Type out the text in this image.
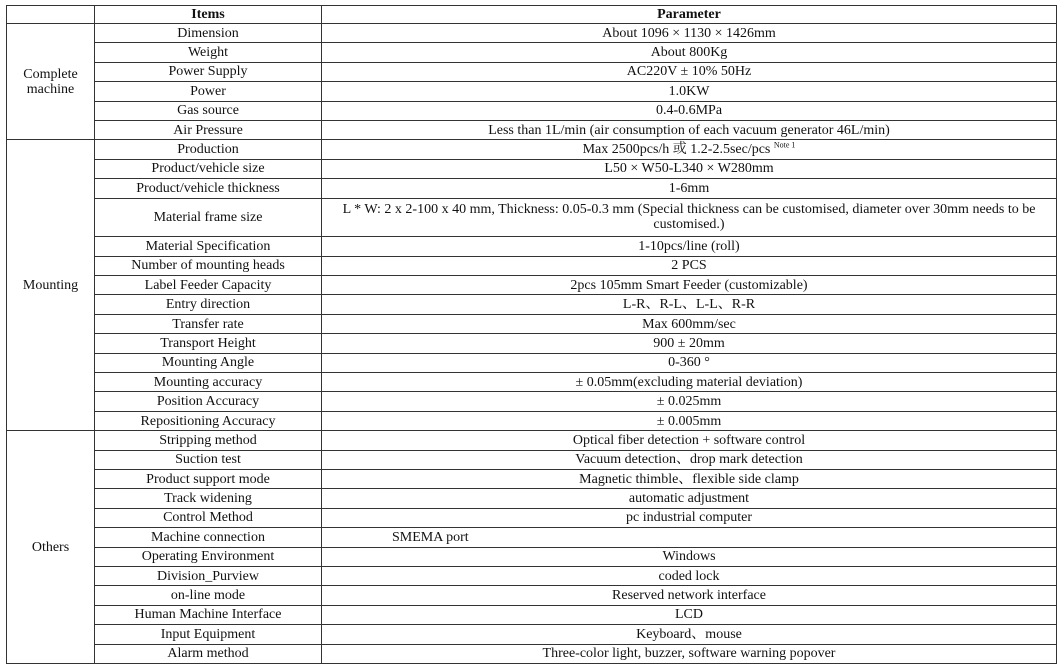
	Items	Parameter
Complete machine	Dimension	About 1096 × 1130 × 1426mm
	Weight	About 800Kg
	Power Supply	AC220V ± 10% 50Hz
	Power	1.0KW
	Gas source	0.4-0.6MPa
	Air Pressure	Less than 1L/min (air consumption of each vacuum generator 46L/min)
Mounting	Production	Max 2500pcs/h 或 1.2-2.5sec/pcs $^{Note 1}$
	Product/vehicle size	L50 × W50-L340 × W280mm
	Product/vehicle thickness	1-6mm
	Material frame size	L * W: 2 x 2-100 x 40 mm, Thickness: 0.05-0.3 mm (Special thickness can be customised, diameter over 30mm needs to be customised.)
	Material Specification	1-10pcs/line (roll)
	Number of mounting heads	2 PCS
	Label Feeder Capacity	2pcs 105mm Smart Feeder (customizable)
	Entry direction	L-R、R-L、L-L、R-R
	Transfer rate	Max 600mm/sec
	Transport Height	900 ± 20mm
	Mounting Angle	0-360 °
	Mounting accuracy	± 0.05mm(excluding material deviation)
	Position Accuracy	± 0.025mm
	Repositioning Accuracy	± 0.005mm
Others	Stripping method	Optical fiber detection + software control
	Suction test	Vacuum detection、drop mark detection
	Product support mode	Magnetic thimble、flexible side clamp
	Track widening	automatic adjustment
	Control Method	pc industrial computer
	Machine connection	SMEMA port
	Operating Environment	Windows
	Division_Purview	coded lock
	on-line mode	Reserved network interface
	Human Machine Interface	LCD
	Input Equipment	Keyboard、mouse
	Alarm method	Three-color light, buzzer, software warning popover
